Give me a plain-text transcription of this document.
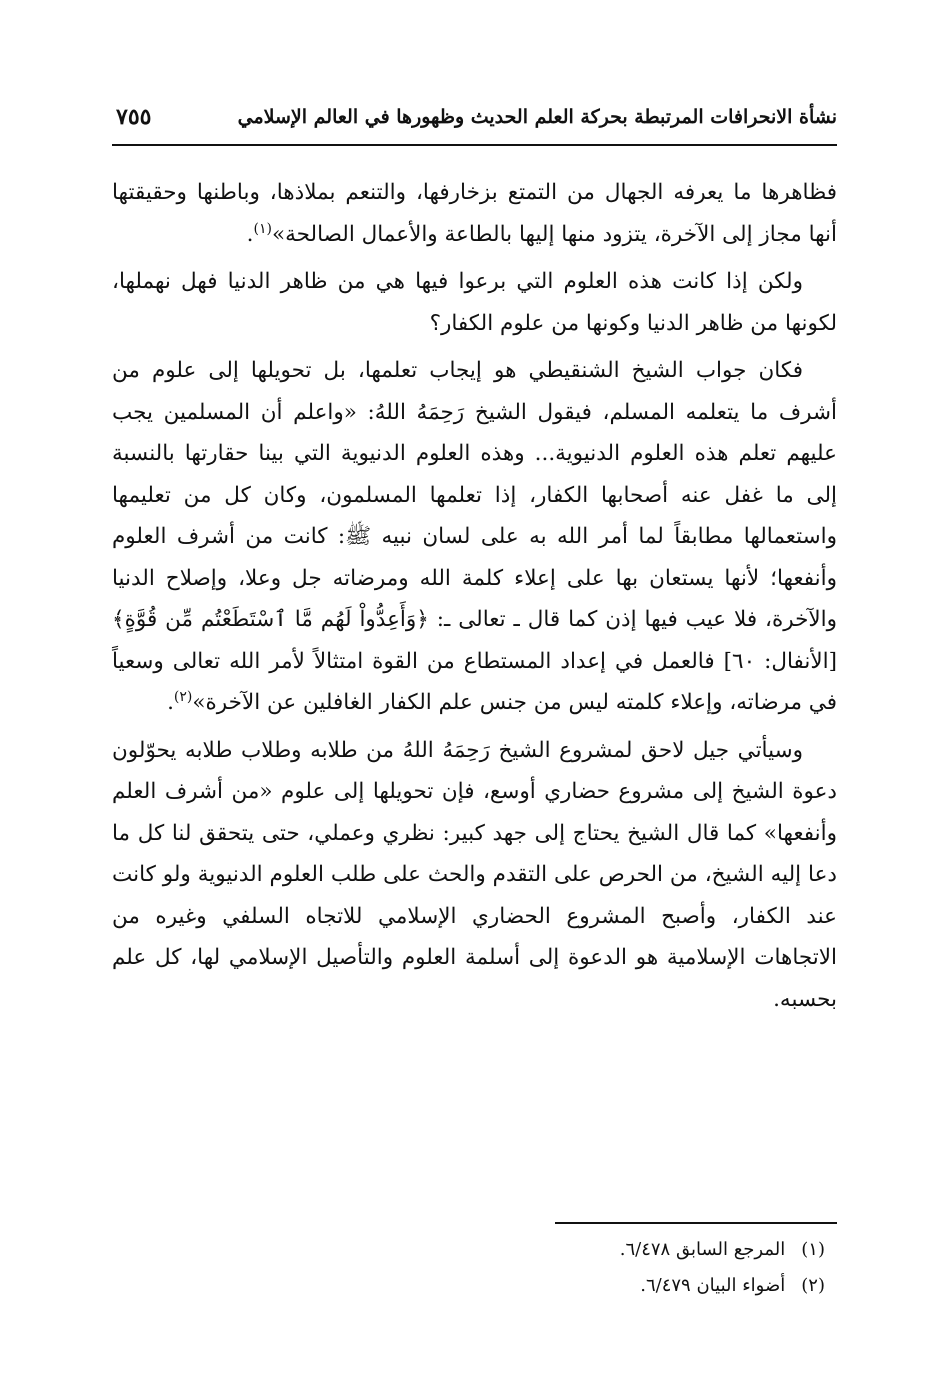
نشأة الانحرافات المرتبطة بحركة العلم الحديث وظهورها في العالم الإسلامي
٧٥٥

فظاهرها ما يعرفه الجهال من التمتع بزخارفها، والتنعم بملاذها، وباطنها وحقيقتها أنها مجاز إلى الآخرة، يتزود منها إليها بالطاعة والأعمال الصالحة»$^{(١)}$.

ولكن إذا كانت هذه العلوم التي برعوا فيها هي من ظاهر الدنيا فهل نهملها، لكونها من ظاهر الدنيا وكونها من علوم الكفار؟

فكان جواب الشيخ الشنقيطي هو إيجاب تعلمها، بل تحويلها إلى علوم من أشرف ما يتعلمه المسلم، فيقول الشيخ رَحِمَهُ اللهُ: «واعلم أن المسلمين يجب عليهم تعلم هذه العلوم الدنيوية... وهذه العلوم الدنيوية التي بينا حقارتها بالنسبة إلى ما غفل عنه أصحابها الكفار، إذا تعلمها المسلمون، وكان كل من تعليمها واستعمالها مطابقاً لما أمر الله به على لسان نبيه ﷺ: كانت من أشرف العلوم وأنفعها؛ لأنها يستعان بها على إعلاء كلمة الله ومرضاته جل وعلا، وإصلاح الدنيا والآخرة، فلا عيب فيها إذن كما قال ـ تعالى ـ: ﴿وَأَعِدُّواْ لَهُم مَّا ٱسْتَطَعْتُم مِّن قُوَّةٍ﴾ [الأنفال: ٦٠] فالعمل في إعداد المستطاع من القوة امتثالاً لأمر الله تعالى وسعياً في مرضاته، وإعلاء كلمته ليس من جنس علم الكفار الغافلين عن الآخرة»$^{(٢)}$.

وسيأتي جيل لاحق لمشروع الشيخ رَحِمَهُ اللهُ من طلابه وطلاب طلابه يحوّلون دعوة الشيخ إلى مشروع حضاري أوسع، فإن تحويلها إلى علوم «من أشرف العلم وأنفعها» كما قال الشيخ يحتاج إلى جهد كبير: نظري وعملي، حتى يتحقق لنا كل ما دعا إليه الشيخ، من الحرص على التقدم والحث على طلب العلوم الدنيوية ولو كانت عند الكفار، وأصبح المشروع الحضاري الإسلامي للاتجاه السلفي وغيره من الاتجاهات الإسلامية هو الدعوة إلى أسلمة العلوم والتأصيل الإسلامي لها، كل علم بحسبه.

(١)المرجع السابق ٦/٤٧٨.
(٢)أضواء البيان ٦/٤٧٩.
